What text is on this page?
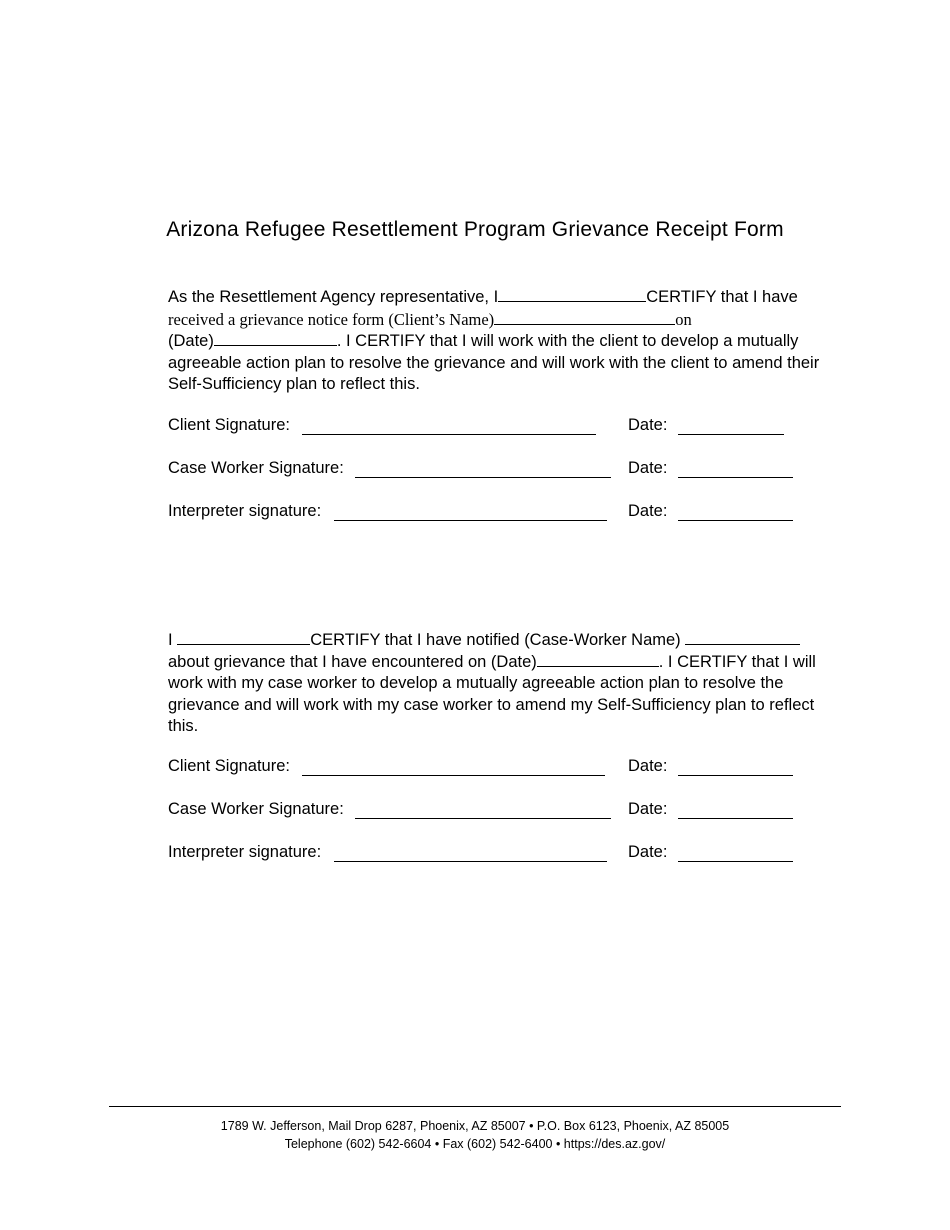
Arizona Refugee Resettlement Program Grievance Receipt Form
As the Resettlement Agency representative, I	CERTIFY that I have
received a grievance notice form (Client’s Name)	on
(Date)	. I CERTIFY that I will work with the client to develop a mutually agreeable action plan to resolve the grievance and will work with the client to amend their Self-Sufficiency plan to reflect this.
Client Signature:	Date:
Case Worker Signature:	Date:
Interpreter signature:	Date:
I	CERTIFY that I have notified (Case-Worker Name)
about grievance that I have encountered on (Date)	. I CERTIFY that I will work with my case worker to develop a mutually agreeable action plan to resolve the grievance and will work with my case worker to amend my Self-Sufficiency plan to reflect this.
Client Signature:	Date:
Case Worker Signature:	Date:
Interpreter signature:	Date:
1789 W. Jefferson, Mail Drop 6287, Phoenix, AZ 85007 • P.O. Box 6123, Phoenix, AZ 85005
Telephone (602) 542-6604 • Fax (602) 542-6400 • https://des.az.gov/
